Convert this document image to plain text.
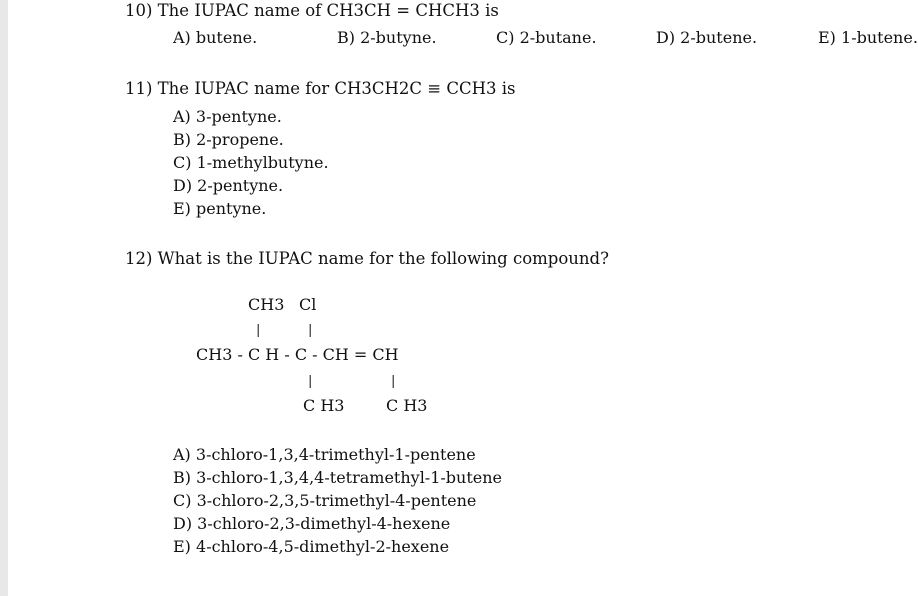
10) The IUPAC name of CH3CH = CHCH3 is
A) butene.	B) 2-butyne.	C) 2-butane.	D) 2-butene.	E) 1-butene.
11) The IUPAC name for CH3CH2C ≡ CCH3 is
A) 3-pentyne.
B) 2-propene.
C) 1-methylbutyne.
D) 2-pentyne.
E) pentyne.
12) What is the IUPAC name for the following compound?
CH3 Cl
|	|
CH3 - C H - C - CH = CH
|	|
C H3	C H3
A) 3-chloro-1,3,4-trimethyl-1-pentene
B) 3-chloro-1,3,4,4-tetramethyl-1-butene
C) 3-chloro-2,3,5-trimethyl-4-pentene
D) 3-chloro-2,3-dimethyl-4-hexene
E) 4-chloro-4,5-dimethyl-2-hexene
